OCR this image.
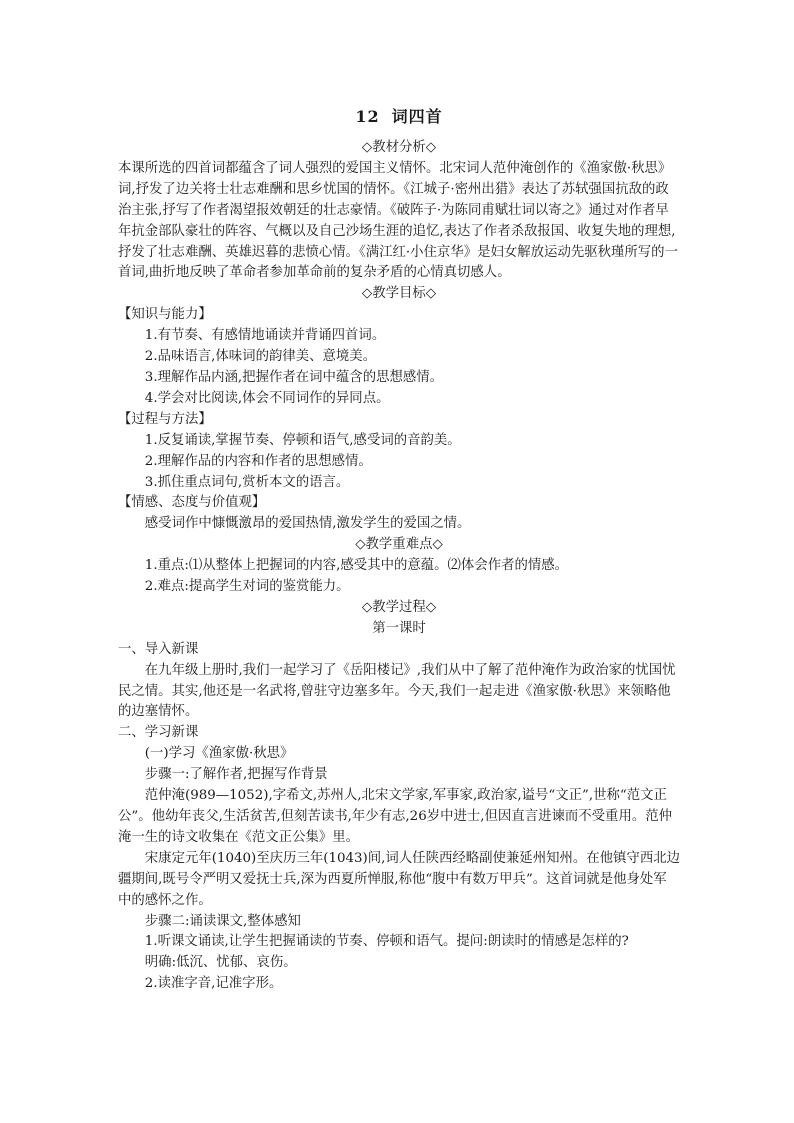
12 词四首

◇教材分析◇

本课所选的四首词都蕴含了词人强烈的爱国主义情怀。北宋词人范仲淹创作的《渔家傲·秋思》词,抒发了边关将士壮志难酬和思乡忧国的情怀。《江城子·密州出猎》表达了苏轼强国抗敌的政治主张,抒写了作者渴望报效朝廷的壮志豪情。《破阵子·为陈同甫赋壮词以寄之》通过对作者早年抗金部队豪壮的阵容、气概以及自己沙场生涯的追忆,表达了作者杀敌报国、收复失地的理想,抒发了壮志难酬、英雄迟暮的悲愤心情。《满江红·小住京华》是妇女解放运动先驱秋瑾所写的一首词,曲折地反映了革命者参加革命前的复杂矛盾的心情真切感人。

◇教学目标◇

【知识与能力】

1.有节奏、有感情地诵读并背诵四首词。

2.品味语言,体味词的韵律美、意境美。

3.理解作品内涵,把握作者在词中蕴含的思想感情。

4.学会对比阅读,体会不同词作的异同点。

【过程与方法】

1.反复诵读,掌握节奏、停顿和语气,感受词的音韵美。

2.理解作品的内容和作者的思想感情。

3.抓住重点词句,赏析本文的语言。

【情感、态度与价值观】

感受词作中慷慨激昂的爱国热情,激发学生的爱国之情。

◇教学重难点◇

1.重点:⑴从整体上把握词的内容,感受其中的意蕴。⑵体会作者的情感。

2.难点:提高学生对词的鉴赏能力。

◇教学过程◇

第一课时

一、导入新课

在九年级上册时,我们一起学习了《岳阳楼记》,我们从中了解了范仲淹作为政治家的忧国忧民之情。其实,他还是一名武将,曾驻守边塞多年。今天,我们一起走进《渔家傲·秋思》来领略他的边塞情怀。

二、学习新课

(一)学习《渔家傲·秋思》

步骤一:了解作者,把握写作背景

范仲淹(989—1052),字希文,苏州人,北宋文学家,军事家,政治家,谥号“文正”,世称“范文正公”。他幼年丧父,生活贫苦,但刻苦读书,年少有志,26岁中进士,但因直言进谏而不受重用。范仲淹一生的诗文收集在《范文正公集》里。

宋康定元年(1040)至庆历三年(1043)间,词人任陕西经略副使兼延州知州。在他镇守西北边疆期间,既号令严明又爱抚士兵,深为西夏所惮服,称他“腹中有数万甲兵”。这首词就是他身处军中的感怀之作。

步骤二:诵读课文,整体感知

1.听课文诵读,让学生把握诵读的节奏、停顿和语气。提问:朗读时的情感是怎样的?

明确:低沉、忧郁、哀伤。

2.读准字音,记准字形。
